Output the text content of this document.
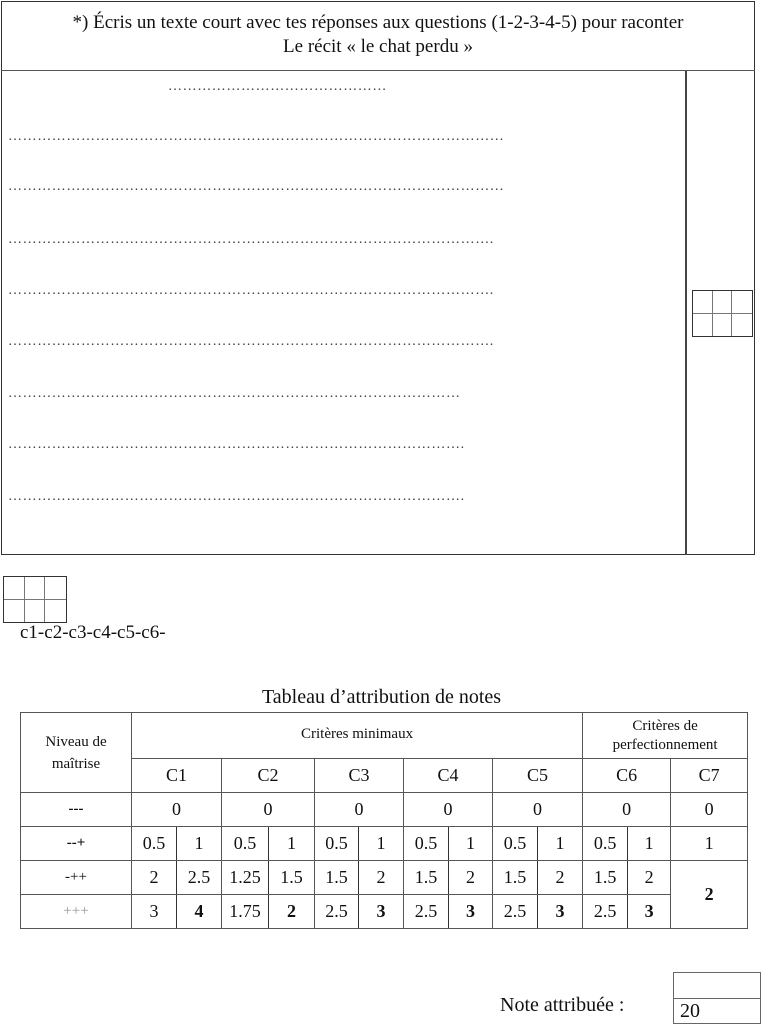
*) Écris un texte court avec tes réponses aux questions (1-2-3-4-5) pour raconter
Le récit « le chat perdu »
………………………………………
…………………………………………………………………………………………
…………………………………………………………………………………………
……………………………………………………………………………………….
……………………………………………………………………………………….
……………………………………………………………………………………….
…………………………………………………………………………………
………………………………………………………………………………….
………………………………………………………………………………….
c1-c2-c3-c4-c5-c6-
Tableau d’attribution de notes
Niveau de maîtrise	Critères minimaux										Critères de perfectionnement		
	C1		C2		C3		C4		C5		C6		C7
---	0		0		0		0		0		0		0
--+	0.5	1	0.5	1	0.5	1	0.5	1	0.5	1	0.5	1	1
-++	2	2.5	1.25	1.5	1.5	2	1.5	2	1.5	2	1.5	2	2
+++	3	4	1.75	2	2.5	3	2.5	3	2.5	3	2.5	3	
Note attribuée :	20
